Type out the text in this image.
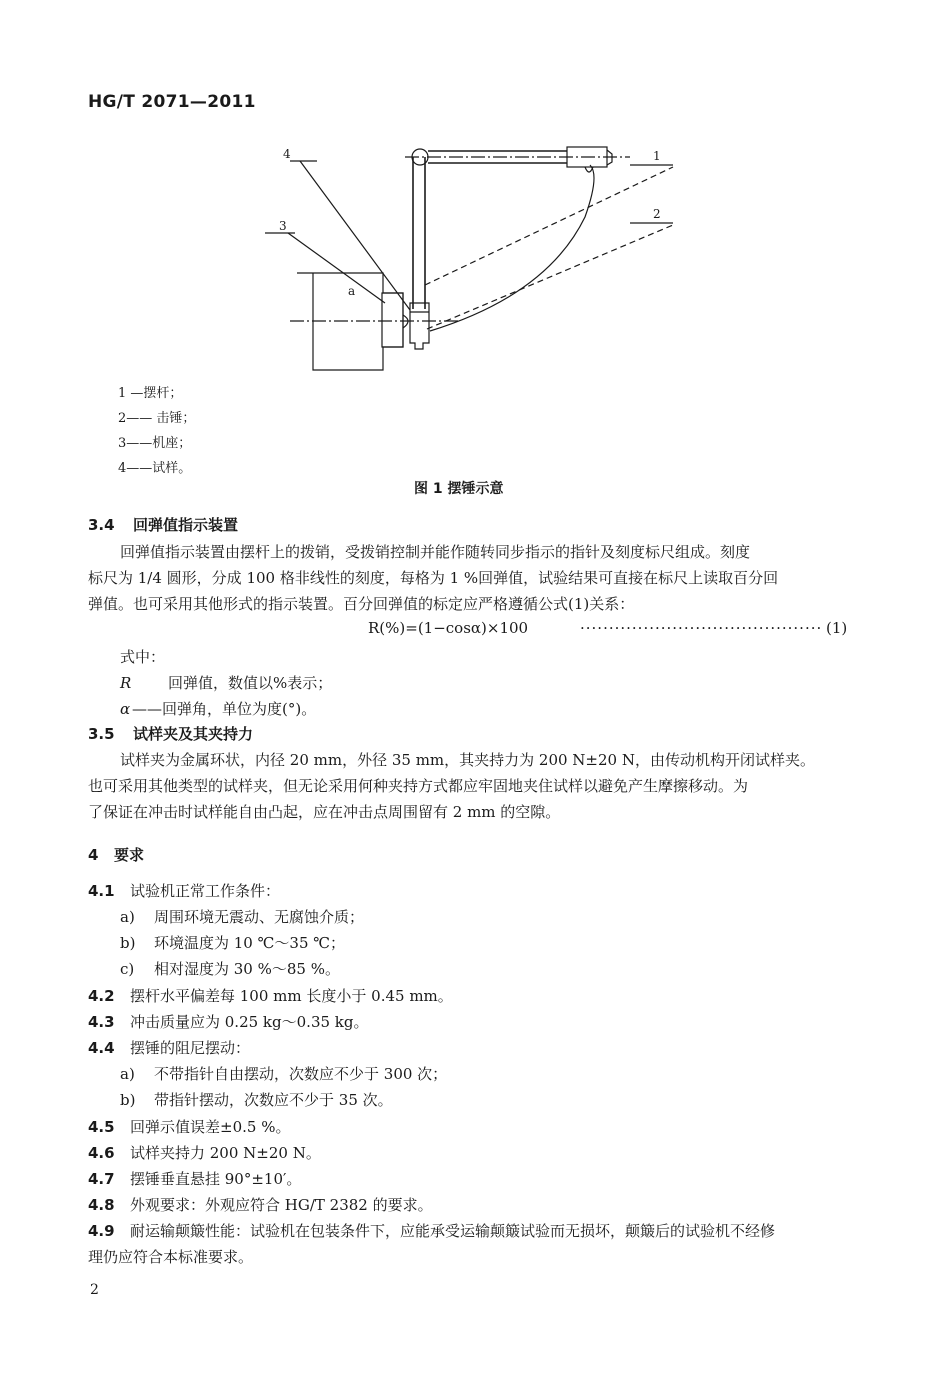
HG/T 2071—2011
1
2
3
4
a
1 —摆杆；
2—— 击锤；
3——机座；
4——试样。
图 1 摆锤示意
3.4 回弹值指示装置
回弹值指示装置由摆杆上的拨销，受拨销控制并能作随转同步指示的指针及刻度标尺组成。刻度
标尺为 1/4 圆形，分成 100 格非线性的刻度，每格为 1 %回弹值，试验结果可直接在标尺上读取百分回
弹值。也可采用其他形式的指示装置。百分回弹值的标定应严格遵循公式(1)关系：
R(%)=(1−cosα)×100	·········································· (1)
式中：
R 回弹值，数值以%表示；
α ——回弹角，单位为度(°)。
3.5 试样夹及其夹持力
试样夹为金属环状，内径 20 mm，外径 35 mm，其夹持力为 200 N±20 N，由传动机构开闭试样夹。
也可采用其他类型的试样夹，但无论采用何种夹持方式都应牢固地夹住试样以避免产生摩擦移动。为
了保证在冲击时试样能自由凸起，应在冲击点周围留有 2 mm 的空隙。
4 要求
4.1 试验机正常工作条件：
a) 周围环境无震动、无腐蚀介质；
b) 环境温度为 10 ℃～35 ℃；
c) 相对湿度为 30 %～85 %。
4.2 摆杆水平偏差每 100 mm 长度小于 0.45 mm。
4.3 冲击质量应为 0.25 kg～0.35 kg。
4.4 摆锤的阻尼摆动：
a) 不带指针自由摆动，次数应不少于 300 次；
b) 带指针摆动，次数应不少于 35 次。
4.5 回弹示值误差±0.5 %。
4.6 试样夹持力 200 N±20 N。
4.7 摆锤垂直悬挂 90°±10′。
4.8 外观要求：外观应符合 HG/T 2382 的要求。
4.9 耐运输颠簸性能：试验机在包装条件下，应能承受运输颠簸试验而无损坏，颠簸后的试验机不经修
理仍应符合本标准要求。
2
